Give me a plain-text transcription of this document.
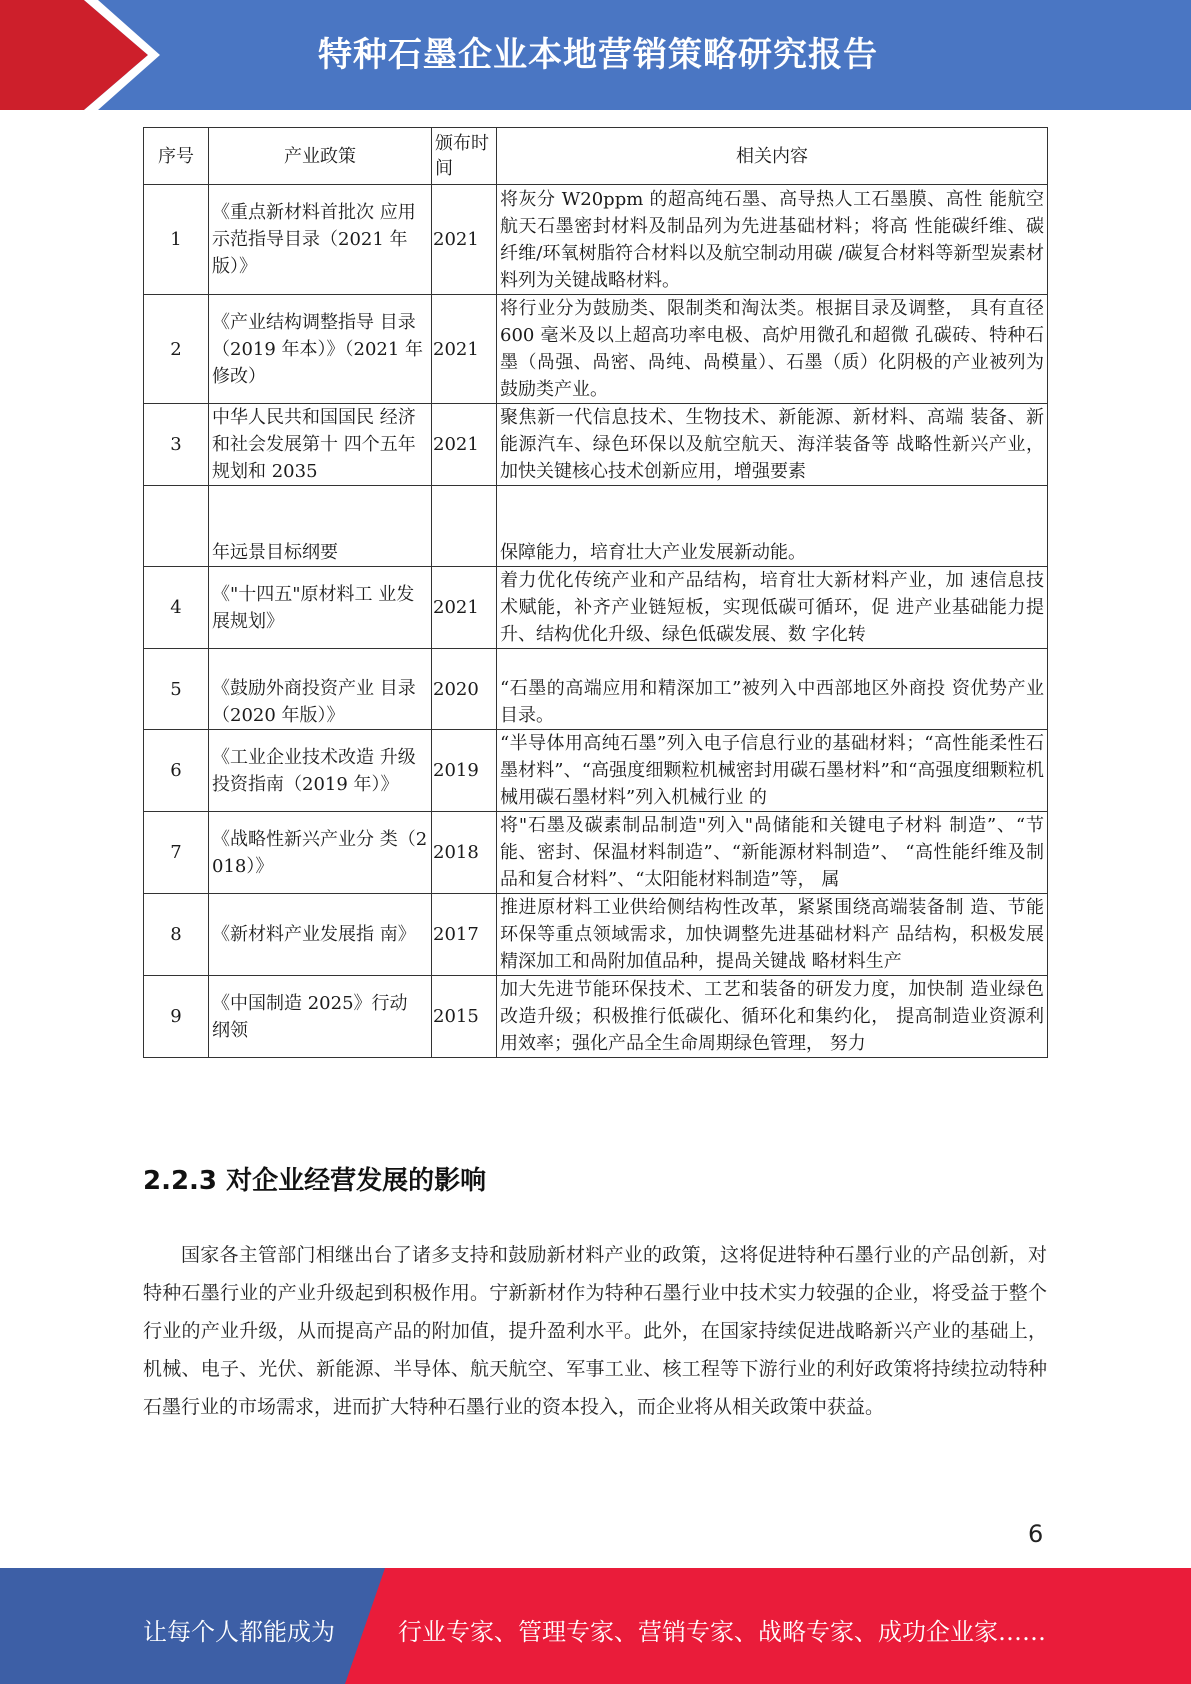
特种石墨企业本地营销策略研究报告
序号	产业政策	颁布时间	相关内容
1	《重点新材料首批次 应用示范指导目录（2021 年版）》	2021	将灰分 W20ppm 的超高纯石墨、高导热人工石墨膜、高性 能航空航天石墨密封材料及制品列为先进基础材料；将高 性能碳纤维、碳纤维/环氧树脂符合材料以及航空制动用碳 /碳复合材料等新型炭素材料列为关键战略材料。
2	《产业结构调整指导 目录（2019 年本）》（2021 年修改）	2021	将行业分为鼓励类、限制类和淘汰类。根据目录及调整， 具有直径 600 毫米及以上超高功率电极、高炉用微孔和超微 孔碳砖、特种石墨（咼强、咼密、咼纯、咼模量）、石墨（质）化阴极的产业被列为鼓励类产业。
3	中华人民共和国国民 经济和社会发展第十 四个五年规划和 2035	2021	聚焦新一代信息技术、生物技术、新能源、新材料、高端 装备、新能源汽车、绿色环保以及航空航天、海洋装备等 战略性新兴产业，加快关键核心技术创新应用，增强要素
	年远景目标纲要		保障能力，培育壮大产业发展新动能。
4	《"十四五"原材料工 业发展规划》	2021	着力优化传统产业和产品结构，培育壮大新材料产业，加 速信息技术赋能，补齐产业链短板，实现低碳可循环，促 进产业基础能力提升、结构优化升级、绿色低碳发展、数 字化转
5	《鼓励外商投资产业 目录（2020 年版）》	2020	“石墨的高端应用和精深加工”被列入中西部地区外商投 资优势产业目录。
6	《工业企业技术改造 升级投资指南（2019 年）》	2019	“半导体用高纯石墨”列入电子信息行业的基础材料；“高性能柔性石墨材料”、“高强度细颗粒机械密封用碳石墨材料”和“高强度细颗粒机械用碳石墨材料”列入机械行业 的
7	《战略性新兴产业分 类（2018）》	2018	将"石墨及碳素制品制造"列入"咼储能和关键电子材料 制造”、“节能、密封、保温材料制造”、“新能源材料制造”、 “高性能纤维及制品和复合材料”、“太阳能材料制造”等， 属
8	《新材料产业发展指 南》	2017	推进原材料工业供给侧结构性改革，紧紧围绕高端装备制 造、节能环保等重点领域需求，加快调整先进基础材料产 品结构，积极发展精深加工和咼附加值品种，提咼关键战 略材料生产
9	《中国制造 2025》行动 纲领	2015	加大先进节能环保技术、工艺和装备的研发力度，加快制 造业绿色改造升级；积极推行低碳化、循环化和集约化， 提高制造业资源利用效率；强化产品全生命周期绿色管理， 努力
2.2.3 对企业经营发展的影响

国家各主管部门相继出台了诸多支持和鼓励新材料产业的政策，这将促进特种石墨行业的产品创新，对特种石墨行业的产业升级起到积极作用。宁新新材作为特种石墨行业中技术实力较强的企业，将受益于整个行业的产业升级，从而提高产品的附加值，提升盈利水平。此外，在国家持续促进战略新兴产业的基础上，机械、电子、光伏、新能源、半导体、航天航空、军事工业、核工程等下游行业的利好政策将持续拉动特种石墨行业的市场需求，进而扩大特种石墨行业的资本投入，而企业将从相关政策中获益。

6
让每个人都能成为	行业专家、管理专家、营销专家、战略专家、成功企业家……
